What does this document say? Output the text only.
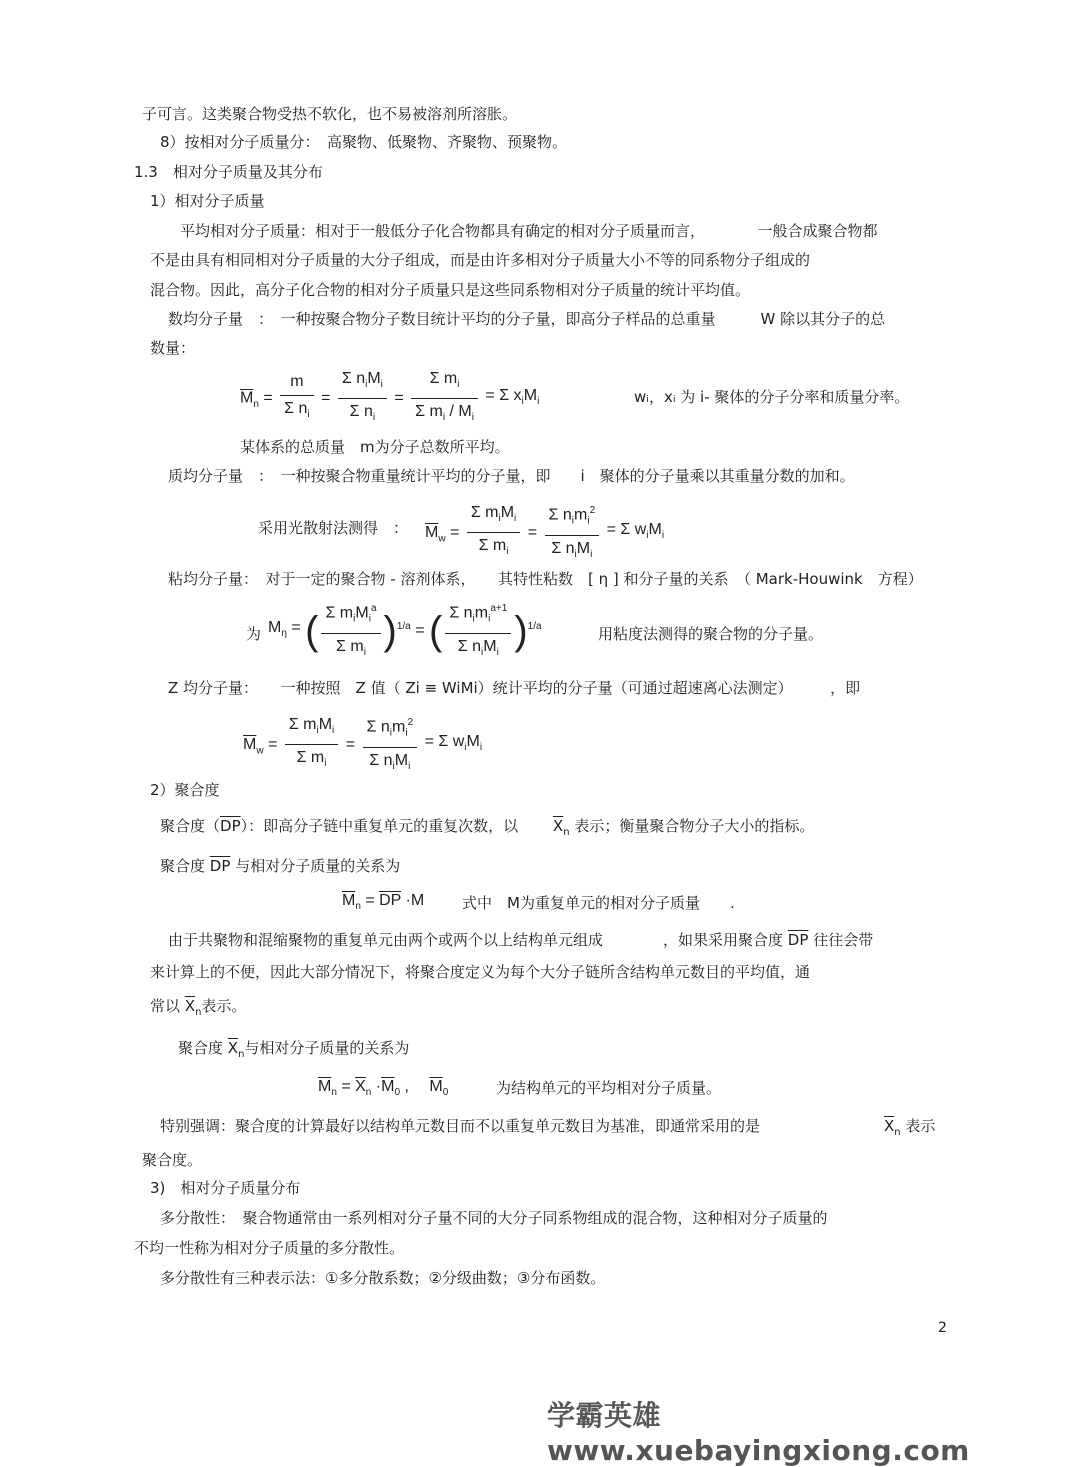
子可言。这类聚合物受热不软化，也不易被溶剂所溶胀。
8）按相对分子质量分：　高聚物、低聚物、齐聚物、预聚物。
1.3　相对分子质量及其分布
1）相对分子质量
平均相对分子质量：相对于一般低分子化合物都具有确定的相对分子质量而言，　　　　一般合成聚合物都
不是由具有相同相对分子质量的大分子组成，而是由许多相对分子质量大小不等的同系物分子组成的
混合物。因此，高分子化合物的相对分子质量只是这些同系物相对分子质量的统计平均值。
数均分子量　：　一种按聚合物分子数目统计平均的分子量，即高分子样品的总重量　　　W 除以其分子的总
数量：
$\overline{M}_n = \frac{m}{\Sigma n_i} = \frac{\Sigma n_iM_i}{\Sigma n_i} = \frac{\Sigma m_i}{\Sigma m_i / M_i} = \Sigma$ $x_iM_i$	wᵢ，xᵢ 为 i- 聚体的分子分率和质量分率。
某体系的总质量　m为分子总数所平均。
质均分子量　：　一种按聚合物重量统计平均的分子量，即　　i　聚体的分子量乘以其重量分数的加和。
采用光散射法测得　： $\overline{M}_w = \frac{\Sigma m_iM_i}{\Sigma m_i} = \frac{\Sigma n_im_i^2}{\Sigma n_iM_i} = \Sigma$ $w_iM_i$
粘均分子量：　对于一定的聚合物 - 溶剂体系，　　其特性粘数　[ η ] 和分子量的关系　（ Mark-Houwink　方程）
为 $M_\eta$ = ( $\frac{\Sigma m_iM_i^a}{\Sigma m_i} )^{1/a}$ = ( $\frac{\Sigma n_im_i^{a+1}}{\Sigma n_iM_i} )^{1/a}$	用粘度法测得的聚合物的分子量。
Z 均分子量：　　一种按照　Z 值（ Zi ≡ WiMi）统计平均的分子量（可通过超速离心法测定）　　　，即
$\overline{M}_w = \frac{\Sigma m_iM_i}{\Sigma m_i} = \frac{\Sigma n_im_i^2}{\Sigma n_iM_i} = \Sigma$ $w_iM_i$
2）聚合度
聚合度$(\overline{DP})$：即高分子链中重复单元的重复次数，以 $\overline{X}_n$ 表示；衡量聚合物分子大小的指标。
聚合度 $\overline{DP}$ 与相对分子质量的关系为
$\overline{M}_n = \overline{DP} \cdot M$	式中　M为重复单元的相对分子质量　　.
由于共聚物和混缩聚物的重复单元由两个或两个以上结构单元组成　　　　，如果采用聚合度 $\overline{DP}$ 往往会带
来计算上的不便，因此大部分情况下，将聚合度定义为每个大分子链所含结构单元数目的平均值，通
常以 $\overline{X}_n$表示。
聚合度 $\overline{X}_n$与相对分子质量的关系为
$\overline{M}_n = \overline{X}_n \cdot\overline{M}_0$ ,　 $\overline{M}_0$	为结构单元的平均相对分子质量。
特别强调：聚合度的计算最好以结构单元数目而不以重复单元数目为基准，即通常采用的是	$\overline{X}_n$ 表示
聚合度。
3)　相对分子质量分布
多分散性：　聚合物通常由一系列相对分子量不同的大分子同系物组成的混合物，这种相对分子质量的
不均一性称为相对分子质量的多分散性。
多分散性有三种表示法：①多分散系数；②分级曲数；③分布函数。
2
学霸英雄 www.xuebayingxiong.com
